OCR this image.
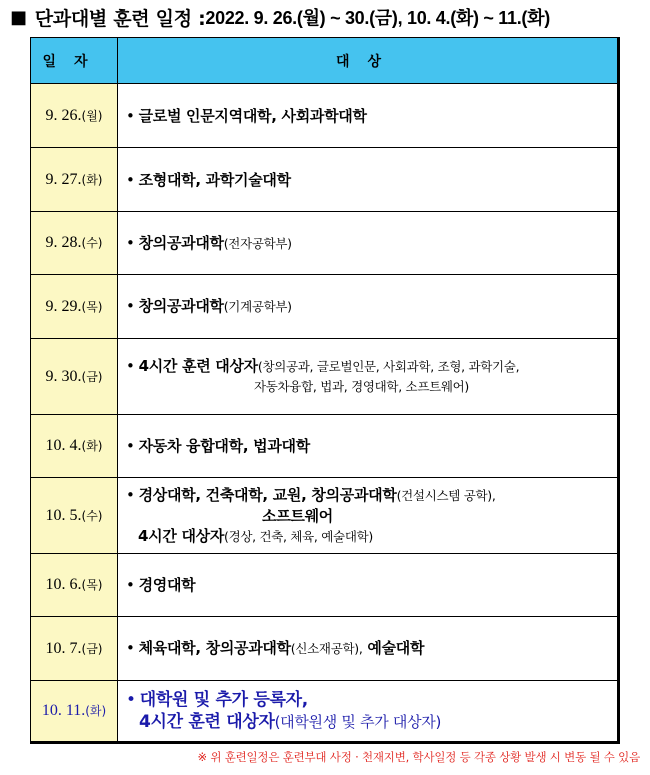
■ 단과대별 훈련 일정 : 2022. 9. 26.(월) ~ 30.(금), 10. 4.(화) ~ 11.(화)
일자	대상
9. 26.(월)	• 글로벌 인문지역대학, 사회과학대학
9. 27.(화)	• 조형대학, 과학기술대학
9. 28.(수)	• 창의공과대학(전자공학부)
9. 29.(목)	• 창의공과대학(기계공학부)
9. 30.(금)	• 4시간 훈련 대상자(창의공과, 글로벌인문, 사회과학, 조형, 과학기술,
자동차융합, 법과, 경영대학, 소프트웨어)

10. 4.(화)	• 자동차 융합대학, 법과대학
10. 5.(수)	• 경상대학, 건축대학, 교원, 창의공과대학(건설시스템 공학),
소프트웨어
4시간 대상자(경상, 건축, 체육, 예술대학)

10. 6.(목)	• 경영대학
10. 7.(금)	• 체육대학, 창의공과대학(신소재공학), 예술대학
10. 11.(화)	• 대학원 및 추가 등록자,
4시간 훈련 대상자(대학원생 및 추가 대상자)
※ 위 훈련일정은 훈련부대 사정 · 천재지변, 학사일정 등 각종 상황 발생 시 변동 될 수 있음
